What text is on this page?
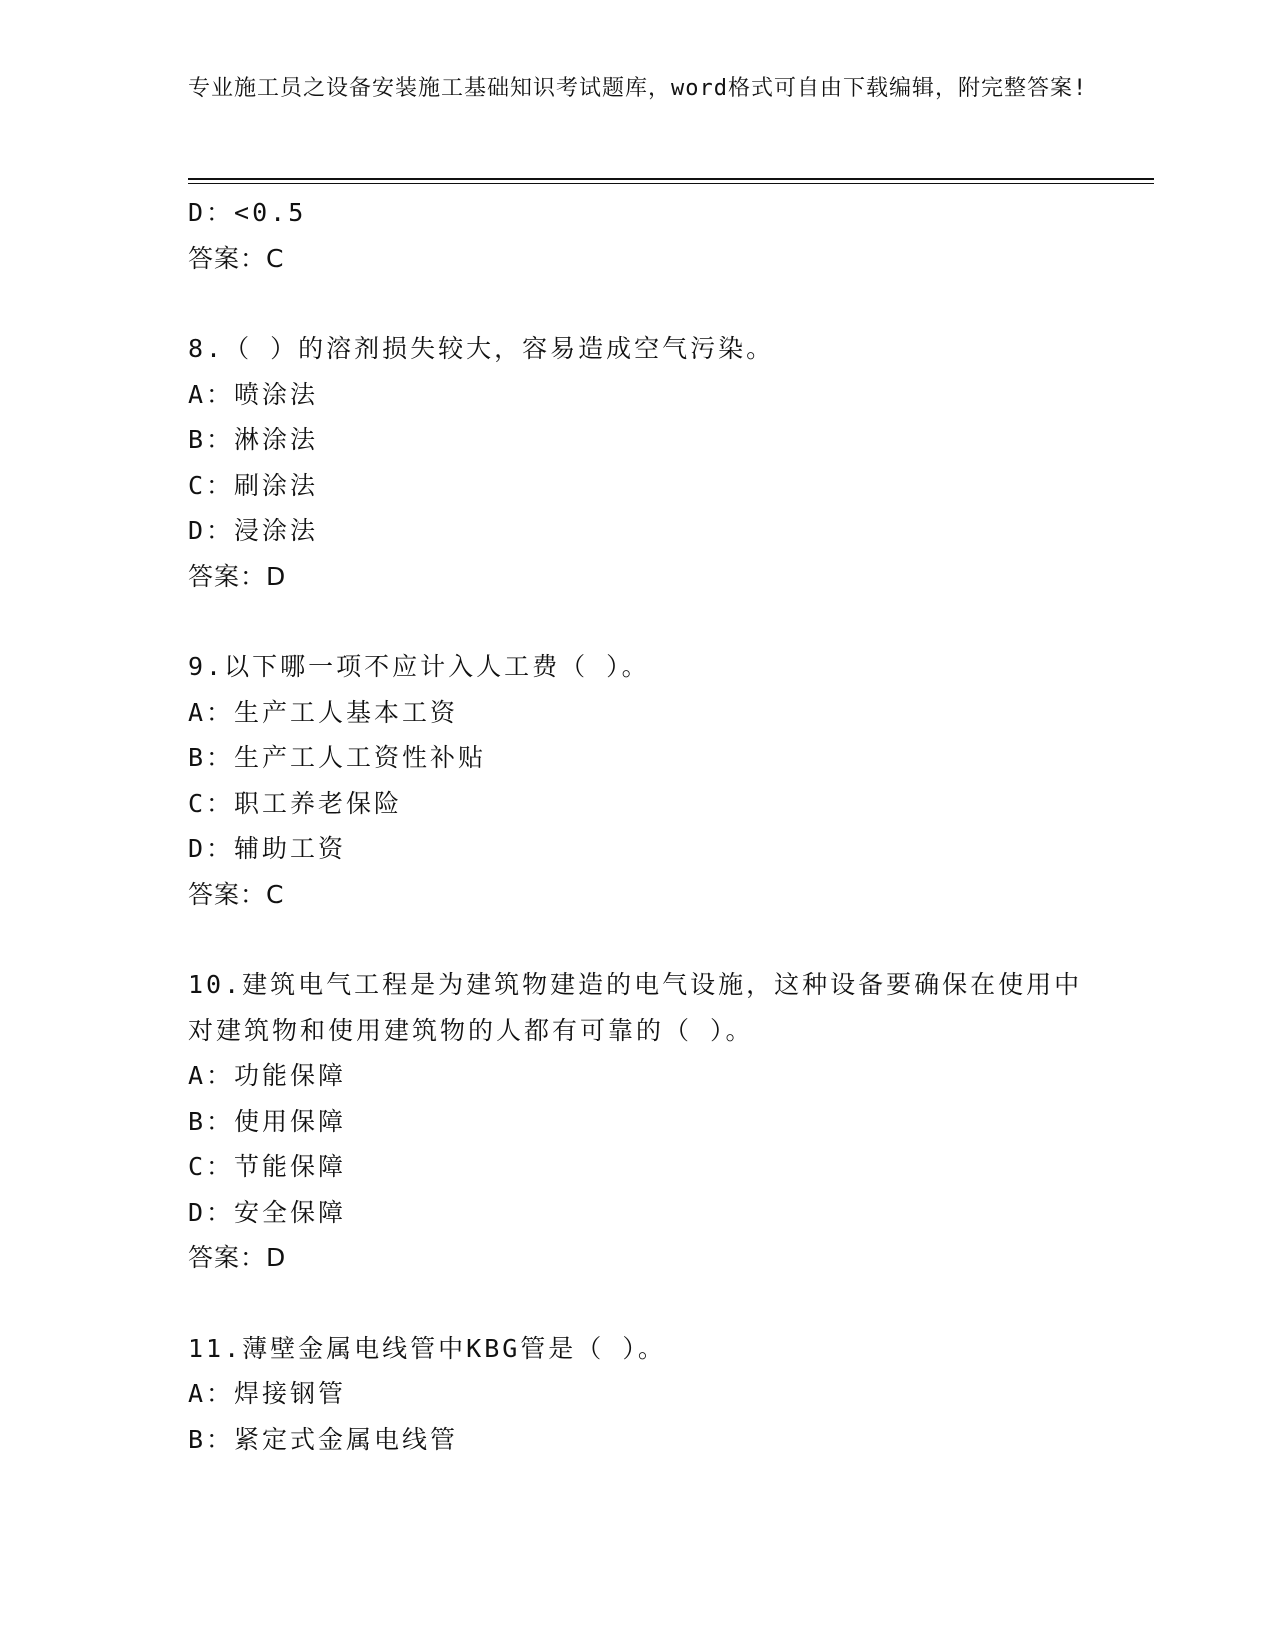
专业施工员之设备安装施工基础知识考试题库，word格式可自由下载编辑，附完整答案!
D：<0.5
答案：C
8.（ ）的溶剂损失较大，容易造成空气污染。
A：喷涂法
B：淋涂法
C：刷涂法
D：浸涂法
答案：D
9.以下哪一项不应计入人工费（ ）。
A：生产工人基本工资
B：生产工人工资性补贴
C：职工养老保险
D：辅助工资
答案：C
10.建筑电气工程是为建筑物建造的电气设施，这种设备要确保在使用中对建筑物和使用建筑物的人都有可靠的（ ）。
A：功能保障
B：使用保障
C：节能保障
D：安全保障
答案：D
11.薄壁金属电线管中KBG管是（ ）。
A：焊接钢管
B：紧定式金属电线管
